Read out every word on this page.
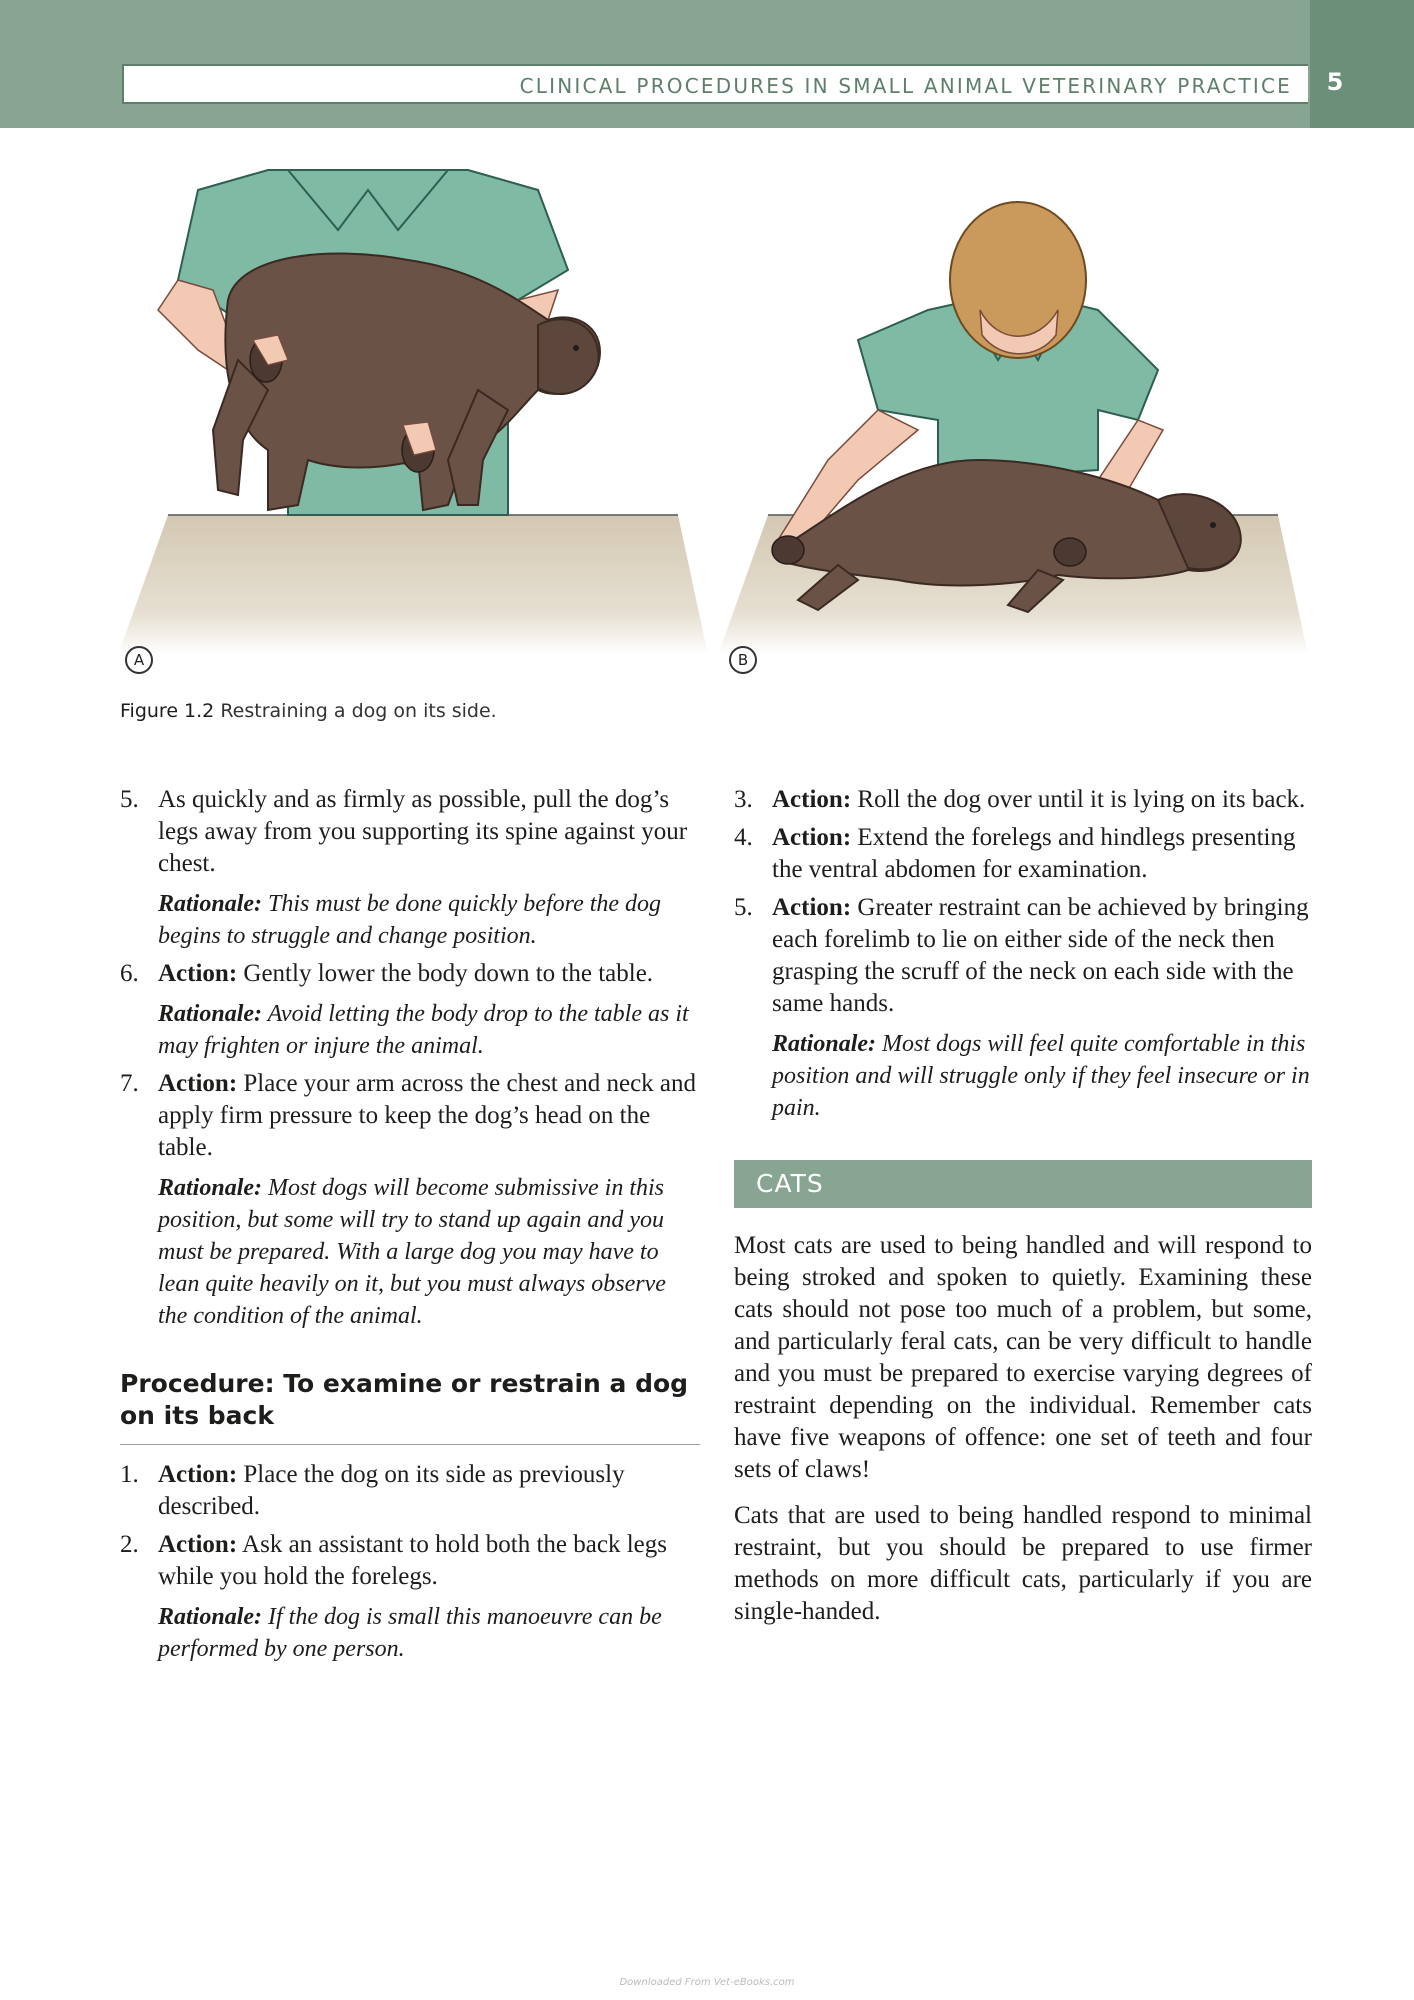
CLINICAL PROCEDURES IN SMALL ANIMAL VETERINARY PRACTICE	5
A	B
Figure 1.2 Restraining a dog on its side.
5. As quickly and as firmly as possible, pull the dog’s legs away from you supporting its spine against your chest.
Rationale: This must be done quickly before the dog begins to struggle and change position.
6. Action: Gently lower the body down to the table.
Rationale: Avoid letting the body drop to the table as it may frighten or injure the animal.
7. Action: Place your arm across the chest and neck and apply firm pressure to keep the dog’s head on the table.
Rationale: Most dogs will become submissive in this position, but some will try to stand up again and you must be prepared. With a large dog you may have to lean quite heavily on it, but you must always observe the condition of the animal.
Procedure: To examine or restrain a dog on its back
1. Action: Place the dog on its side as previously described.
2. Action: Ask an assistant to hold both the back legs while you hold the forelegs.
Rationale: If the dog is small this manoeuvre can be performed by one person.
3. Action: Roll the dog over until it is lying on its back.
4. Action: Extend the forelegs and hindlegs presenting the ventral abdomen for examination.
5. Action: Greater restraint can be achieved by bringing each forelimb to lie on either side of the neck then grasping the scruff of the neck on each side with the same hands.
Rationale: Most dogs will feel quite comfortable in this position and will struggle only if they feel insecure or in pain.
CATS

Most cats are used to being handled and will respond to being stroked and spoken to quietly. Examining these cats should not pose too much of a problem, but some, and particularly feral cats, can be very difficult to handle and you must be prepared to exercise varying degrees of restraint depending on the individual. Remember cats have five weapons of offence: one set of teeth and four sets of claws!

Cats that are used to being handled respond to minimal restraint, but you should be prepared to use firmer methods on more difficult cats, particularly if you are single-handed.

Downloaded From Vet-eBooks.com
